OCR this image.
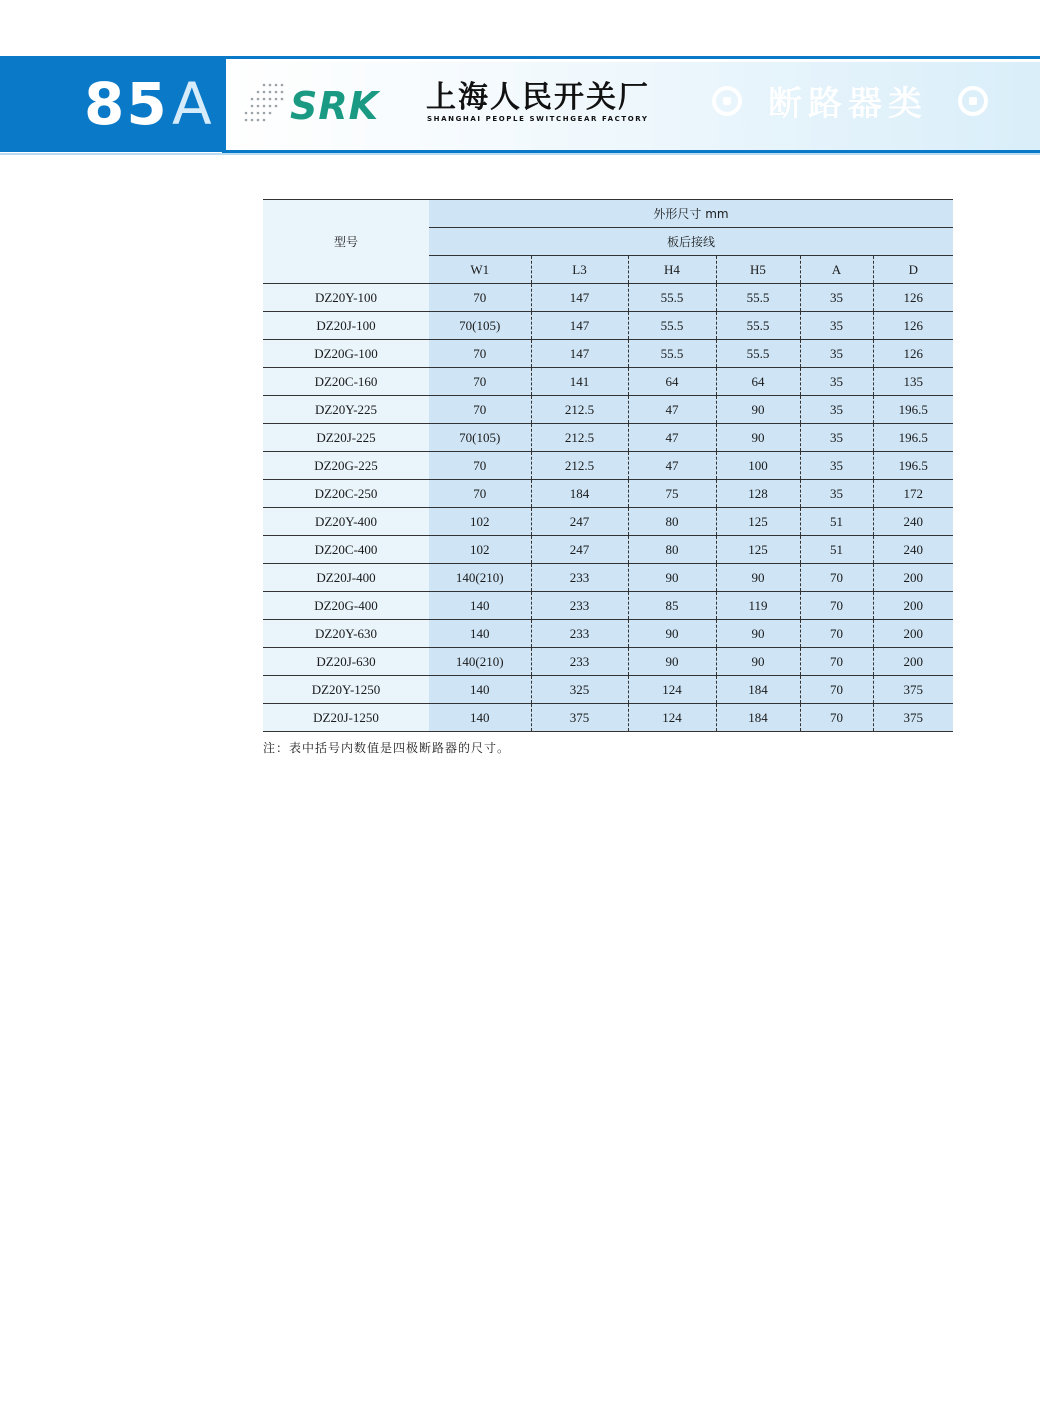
85 A SRK 上海人民开关厂
SHANGHAI PEOPLE SWITCHGEAR FACTORY	断路器类
型号	外形尺寸 mm					
	板后接线					
	W1	L3	H4	H5	A	D
DZ20Y-100	70	147	55.5	55.5	35	126
DZ20J-100	70(105)	147	55.5	55.5	35	126
DZ20G-100	70	147	55.5	55.5	35	126
DZ20C-160	70	141	64	64	35	135
DZ20Y-225	70	212.5	47	90	35	196.5
DZ20J-225	70(105)	212.5	47	90	35	196.5
DZ20G-225	70	212.5	47	100	35	196.5
DZ20C-250	70	184	75	128	35	172
DZ20Y-400	102	247	80	125	51	240
DZ20C-400	102	247	80	125	51	240
DZ20J-400	140(210)	233	90	90	70	200
DZ20G-400	140	233	85	119	70	200
DZ20Y-630	140	233	90	90	70	200
DZ20J-630	140(210)	233	90	90	70	200
DZ20Y-1250	140	325	124	184	70	375
DZ20J-1250	140	375	124	184	70	375
注：表中括号内数值是四极断路器的尺寸。
